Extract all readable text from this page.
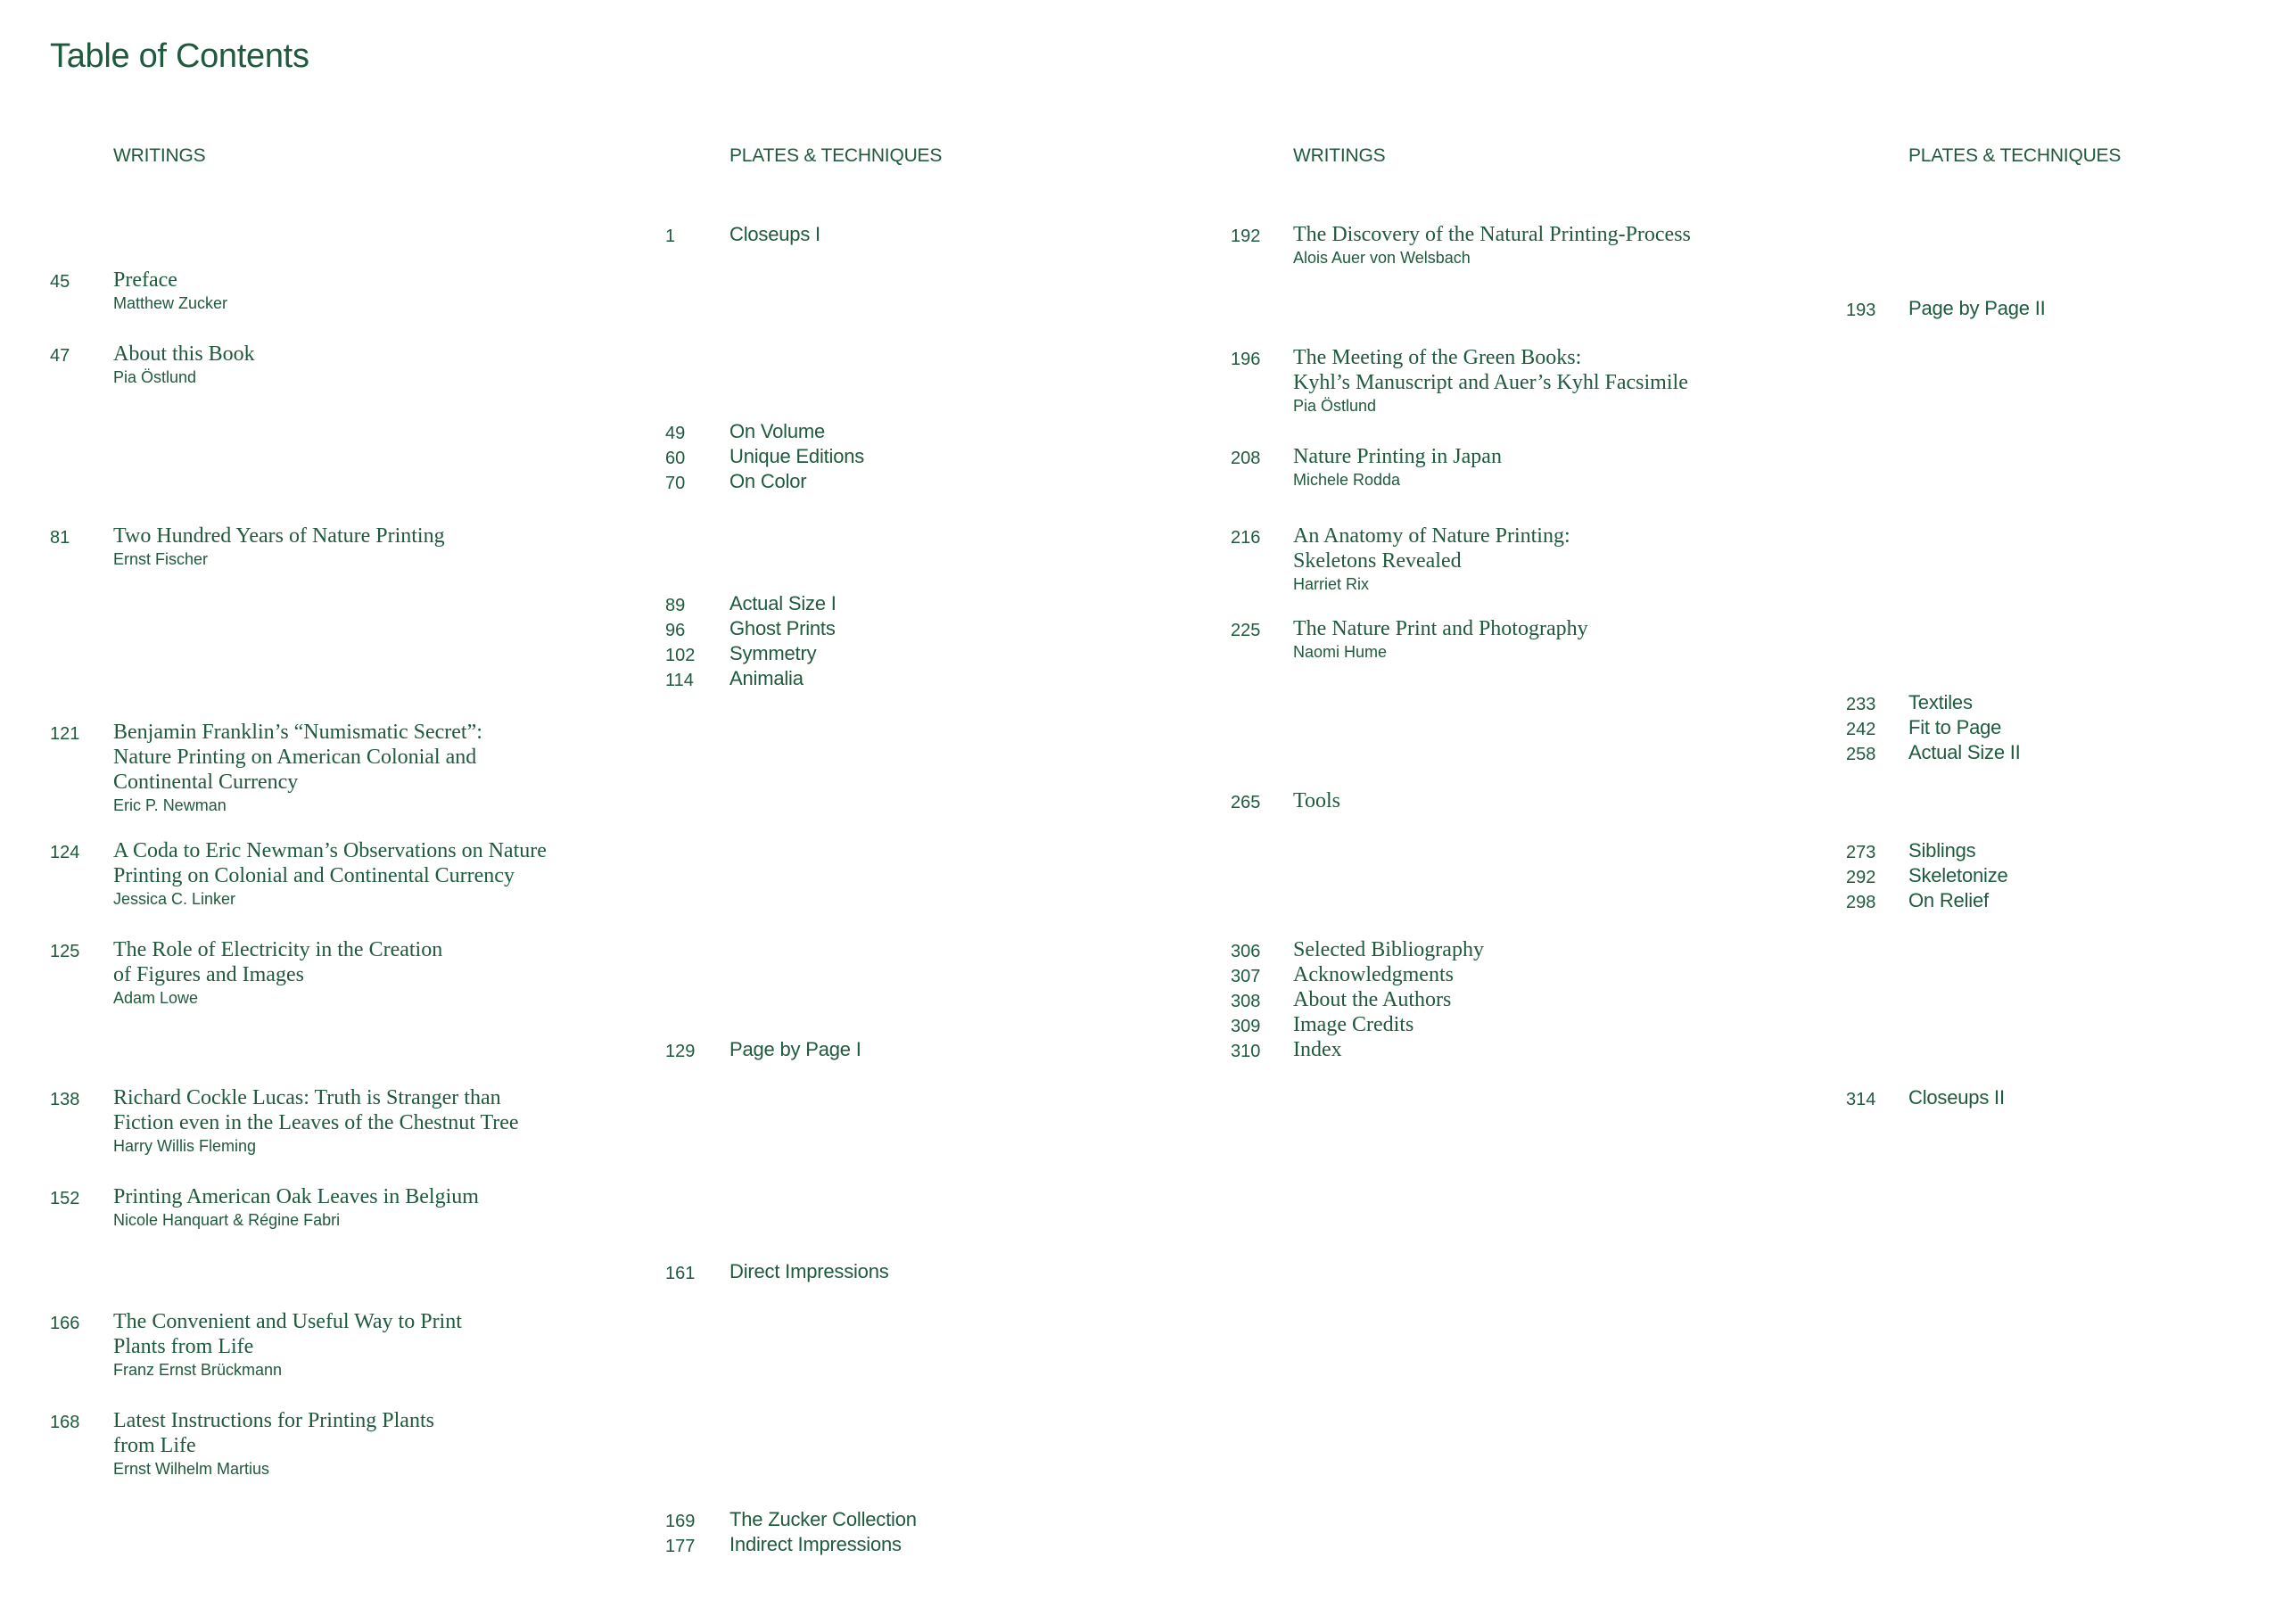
Table of Contents
WRITINGS	PLATES & TECHNIQUES	WRITINGS	PLATES & TECHNIQUES
45 Preface
Matthew Zucker
47 About this Book
Pia Östlund
81 Two Hundred Years of Nature Printing
Ernst Fischer
121 Benjamin Franklin’s “Numismatic Secret”:
Nature Printing on American Colonial and
Continental Currency
Eric P. Newman
124 A Coda to Eric Newman’s Observations on Nature
Printing on Colonial and Continental Currency
Jessica C. Linker
125 The Role of Electricity in the Creation
of Figures and Images
Adam Lowe
138 Richard Cockle Lucas: Truth is Stranger than
Fiction even in the Leaves of the Chestnut Tree
Harry Willis Fleming
152 Printing American Oak Leaves in Belgium
Nicole Hanquart & Régine Fabri
166 The Convenient and Useful Way to Print
Plants from Life
Franz Ernst Brückmann
168 Latest Instructions for Printing Plants
from Life
Ernst Wilhelm Martius
1	Closeups I
49 On Volume
60 Unique Editions
70 On Color
89 Actual Size I
96 Ghost Prints
102 Symmetry
114 Animalia
129 Page by Page I
161 Direct Impressions
169 The Zucker Collection
177 Indirect Impressions
192 The Discovery of the Natural Printing-Process
Alois Auer von Welsbach
196 The Meeting of the Green Books:
Kyhl’s Manuscript and Auer’s Kyhl Facsimile
Pia Östlund
208 Nature Printing in Japan
Michele Rodda
216 An Anatomy of Nature Printing:
Skeletons Revealed
Harriet Rix
225 The Nature Print and Photography
Naomi Hume
265 Tools
306 Selected Bibliography
307 Acknowledgments
308 About the Authors
309 Image Credits
310 Index
193 Page by Page II
233 Textiles
242 Fit to Page
258 Actual Size II
273 Siblings
292 Skeletonize
298 On Relief
314 Closeups II
